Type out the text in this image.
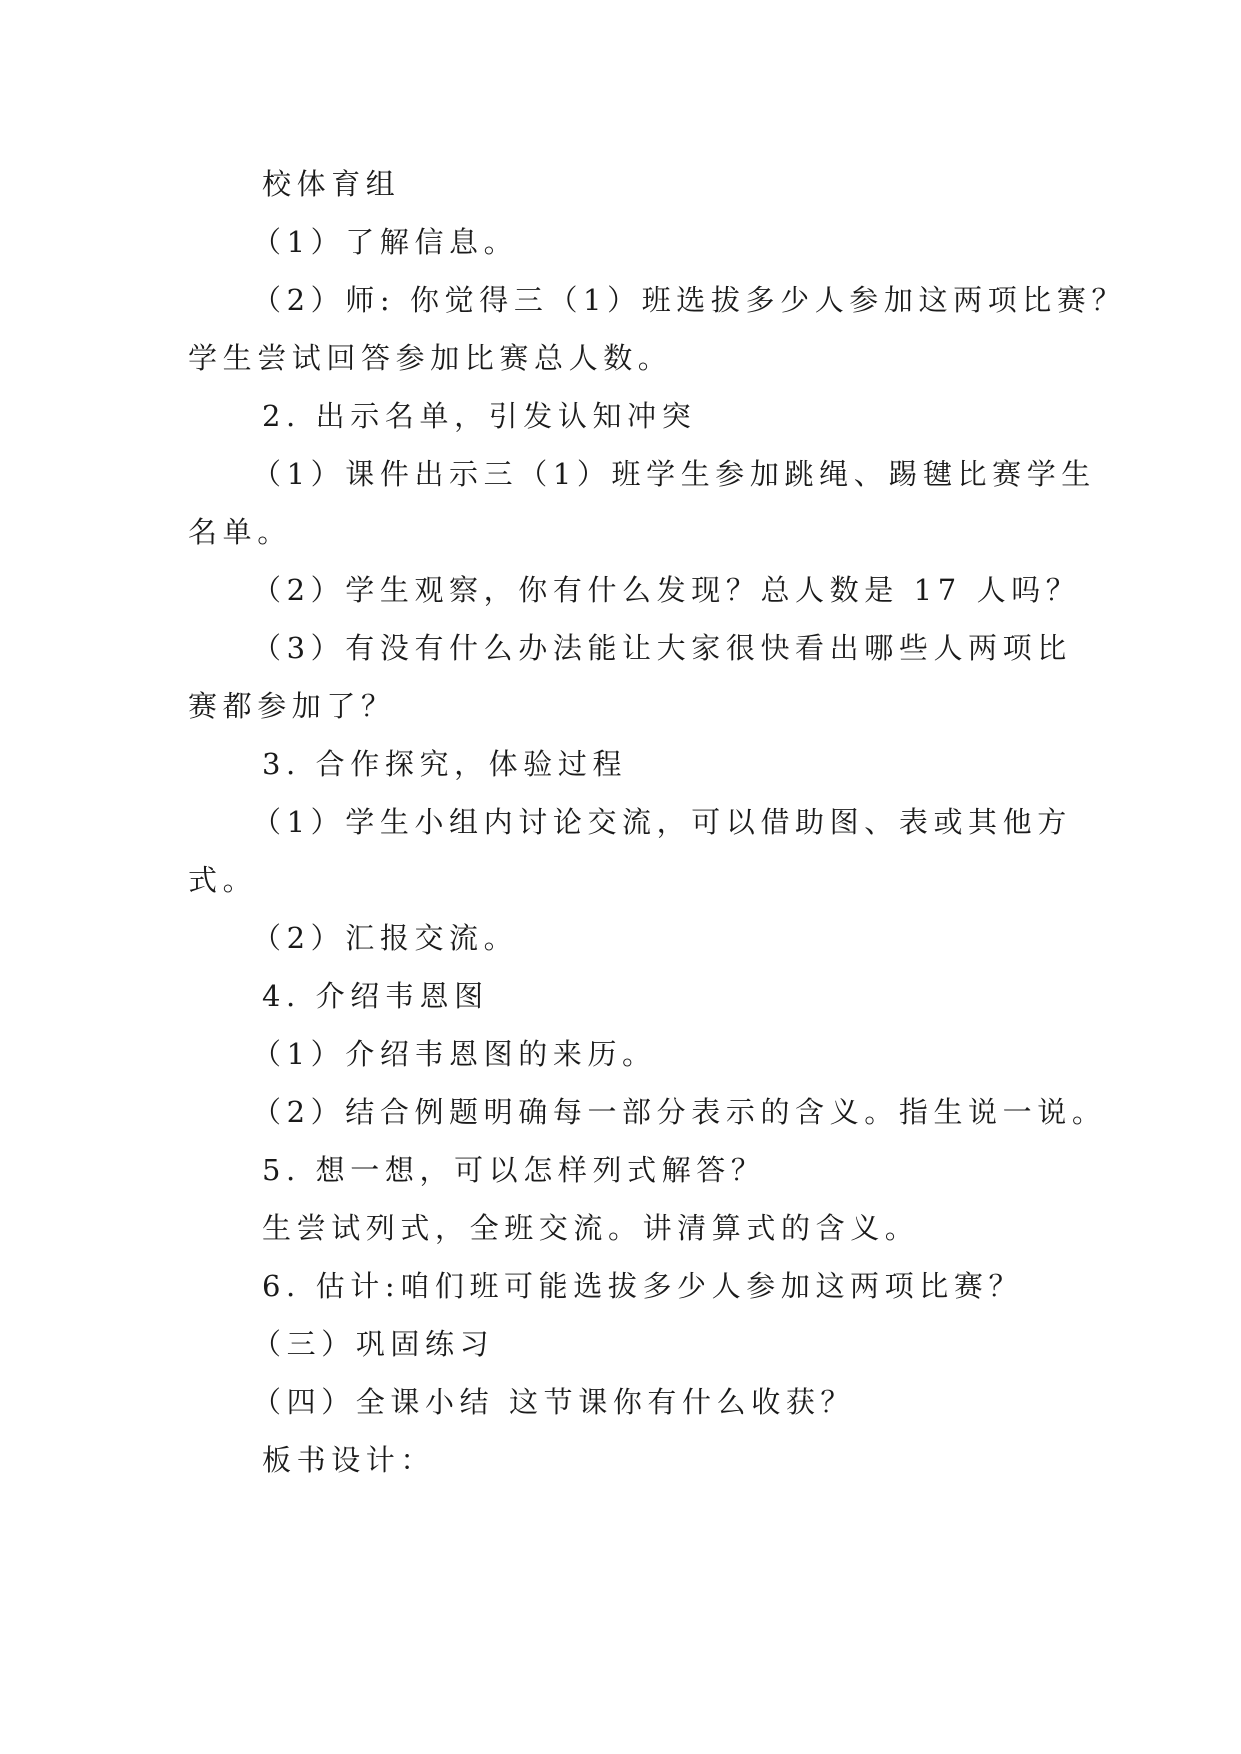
校体育组
（1）了解信息。
（2）师: 你觉得三（1）班选拔多少人参加这两项比赛？
学生尝试回答参加比赛总人数。
2. 出示名单，引发认知冲突
（1）课件出示三（1）班学生参加跳绳、踢毽比赛学生
名单。
（2）学生观察，你有什么发现？总人数是 17 人吗？
（3）有没有什么办法能让大家很快看出哪些人两项比
赛都参加了？
3. 合作探究，体验过程
（1）学生小组内讨论交流，可以借助图、表或其他方
式。
（2）汇报交流。
4. 介绍韦恩图
（1）介绍韦恩图的来历。
（2）结合例题明确每一部分表示的含义。指生说一说。
5. 想一想，可以怎样列式解答？
生尝试列式，全班交流。讲清算式的含义。
6. 估计:咱们班可能选拔多少人参加这两项比赛？
（三）巩固练习
（四）全课小结 这节课你有什么收获？
板书设计：
